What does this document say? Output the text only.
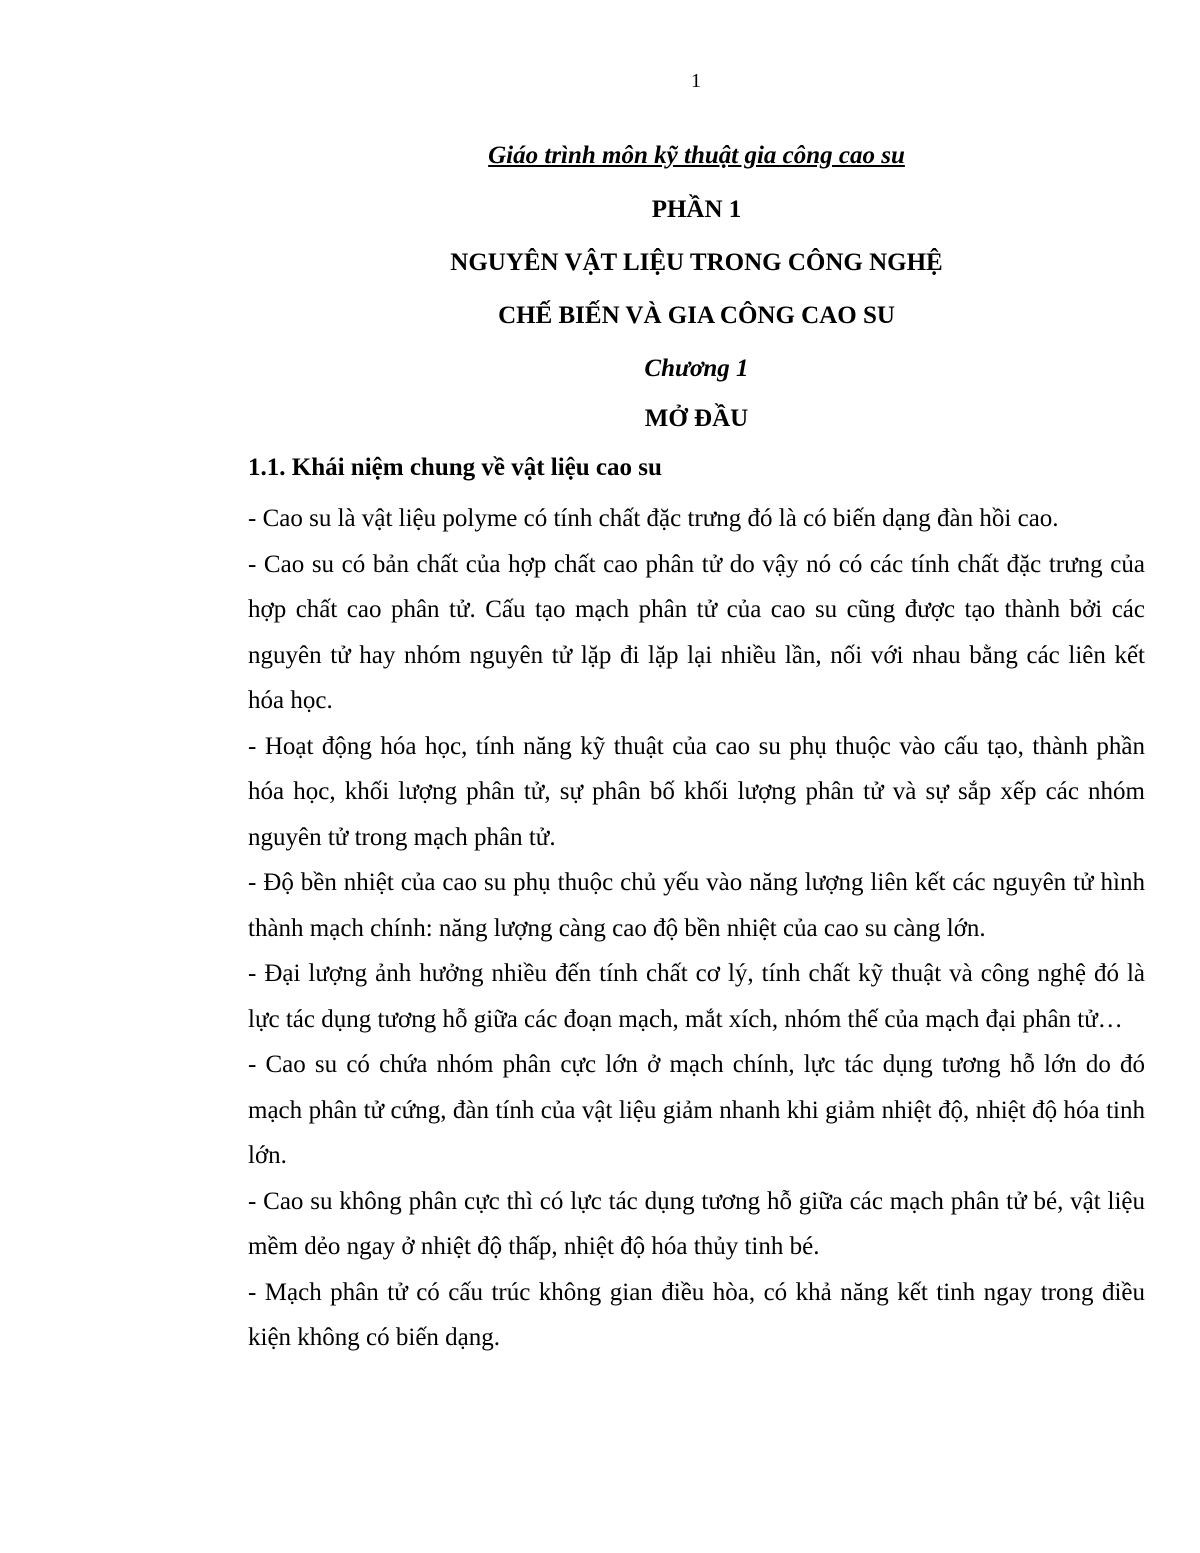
1
Giáo trình môn kỹ thuật gia công cao su
PHẦN 1
NGUYÊN VẬT LIỆU TRONG CÔNG NGHỆ
CHẾ BIẾN VÀ GIA CÔNG CAO SU
Chương 1
MỞ ĐẦU
1.1. Khái niệm chung về vật liệu cao su

- Cao su là vật liệu polyme có tính chất đặc trưng đó là có biến dạng đàn hồi cao.

- Cao su có bản chất của hợp chất cao phân tử do vậy nó có các tính chất đặc trưng của hợp chất cao phân tử. Cấu tạo mạch phân tử của cao su cũng được tạo thành bởi các nguyên tử hay nhóm nguyên tử lặp đi lặp lại nhiều lần, nối với nhau bằng các liên kết hóa học.

- Hoạt động hóa học, tính năng kỹ thuật của cao su phụ thuộc vào cấu tạo, thành phần hóa học, khối lượng phân tử, sự phân bố khối lượng phân tử và sự sắp xếp các nhóm nguyên tử trong mạch phân tử.

- Độ bền nhiệt của cao su phụ thuộc chủ yếu vào năng lượng liên kết các nguyên tử hình thành mạch chính: năng lượng càng cao độ bền nhiệt của cao su càng lớn.

- Đại lượng ảnh hưởng nhiều đến tính chất cơ lý, tính chất kỹ thuật và công nghệ đó là lực tác dụng tương hỗ giữa các đoạn mạch, mắt xích, nhóm thế của mạch đại phân tử…

- Cao su có chứa nhóm phân cực lớn ở mạch chính, lực tác dụng tương hỗ lớn do đó mạch phân tử cứng, đàn tính của vật liệu giảm nhanh khi giảm nhiệt độ, nhiệt độ hóa tinh lớn.

- Cao su không phân cực thì có lực tác dụng tương hỗ giữa các mạch phân tử bé, vật liệu mềm dẻo ngay ở nhiệt độ thấp, nhiệt độ hóa thủy tinh bé.

- Mạch phân tử có cấu trúc không gian điều hòa, có khả năng kết tinh ngay trong điều kiện không có biến dạng.
